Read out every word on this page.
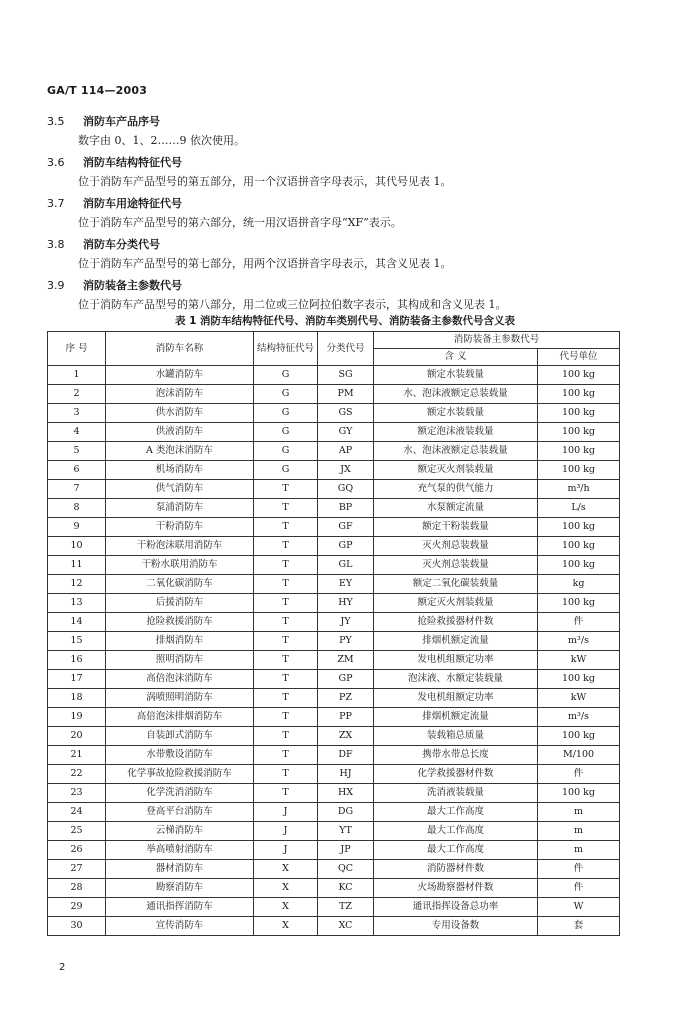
GA/T 114—2003
3.5 消防车产品序号
数字由 0、1、2……9 依次使用。
3.6 消防车结构特征代号
位于消防车产品型号的第五部分，用一个汉语拼音字母表示，其代号见表 1。
3.7 消防车用途特征代号
位于消防车产品型号的第六部分，统一用汉语拼音字母“XF”表示。
3.8 消防车分类代号
位于消防车产品型号的第七部分，用两个汉语拼音字母表示，其含义见表 1。
3.9 消防装备主参数代号
位于消防车产品型号的第八部分，用二位或三位阿拉伯数字表示，其构成和含义见表 1。
表 1 消防车结构特征代号、消防车类别代号、消防装备主参数代号含义表
序 号	消防车名称	结构特征代号	分类代号	消防装备主参数代号	
				含 义	代号单位
1	水罐消防车	G	SG	额定水装载量	100 kg
2	泡沫消防车	G	PM	水、泡沫液额定总装载量	100 kg
3	供水消防车	G	GS	额定水装载量	100 kg
4	供液消防车	G	GY	额定泡沫液装载量	100 kg
5	A 类泡沫消防车	G	AP	水、泡沫液额定总装载量	100 kg
6	机场消防车	G	JX	额定灭火剂装载量	100 kg
7	供气消防车	T	GQ	充气泵的供气能力	m³/h
8	泵浦消防车	T	BP	水泵额定流量	L/s
9	干粉消防车	T	GF	额定干粉装载量	100 kg
10	干粉泡沫联用消防车	T	GP	灭火剂总装载量	100 kg
11	干粉水联用消防车	T	GL	灭火剂总装载量	100 kg
12	二氧化碳消防车	T	EY	额定二氧化碳装载量	kg
13	后援消防车	T	HY	额定灭火剂装载量	100 kg
14	抢险救援消防车	T	JY	抢险救援器材件数	件
15	排烟消防车	T	PY	排烟机额定流量	m³/s
16	照明消防车	T	ZM	发电机组额定功率	kW
17	高倍泡沫消防车	T	GP	泡沫液、水额定装载量	100 kg
18	涡喷照明消防车	T	PZ	发电机组额定功率	kW
19	高倍泡沫排烟消防车	T	PP	排烟机额定流量	m³/s
20	自装卸式消防车	T	ZX	装载箱总质量	100 kg
21	水带敷设消防车	T	DF	携带水带总长度	M/100
22	化学事故抢险救援消防车	T	HJ	化学救援器材件数	件
23	化学洗消消防车	T	HX	洗消液装载量	100 kg
24	登高平台消防车	J	DG	最大工作高度	m
25	云梯消防车	J	YT	最大工作高度	m
26	举高喷射消防车	J	JP	最大工作高度	m
27	器材消防车	X	QC	消防器材件数	件
28	勘察消防车	X	KC	火场勘察器材件数	件
29	通讯指挥消防车	X	TZ	通讯指挥设备总功率	W
30	宣传消防车	X	XC	专用设备数	套
2
